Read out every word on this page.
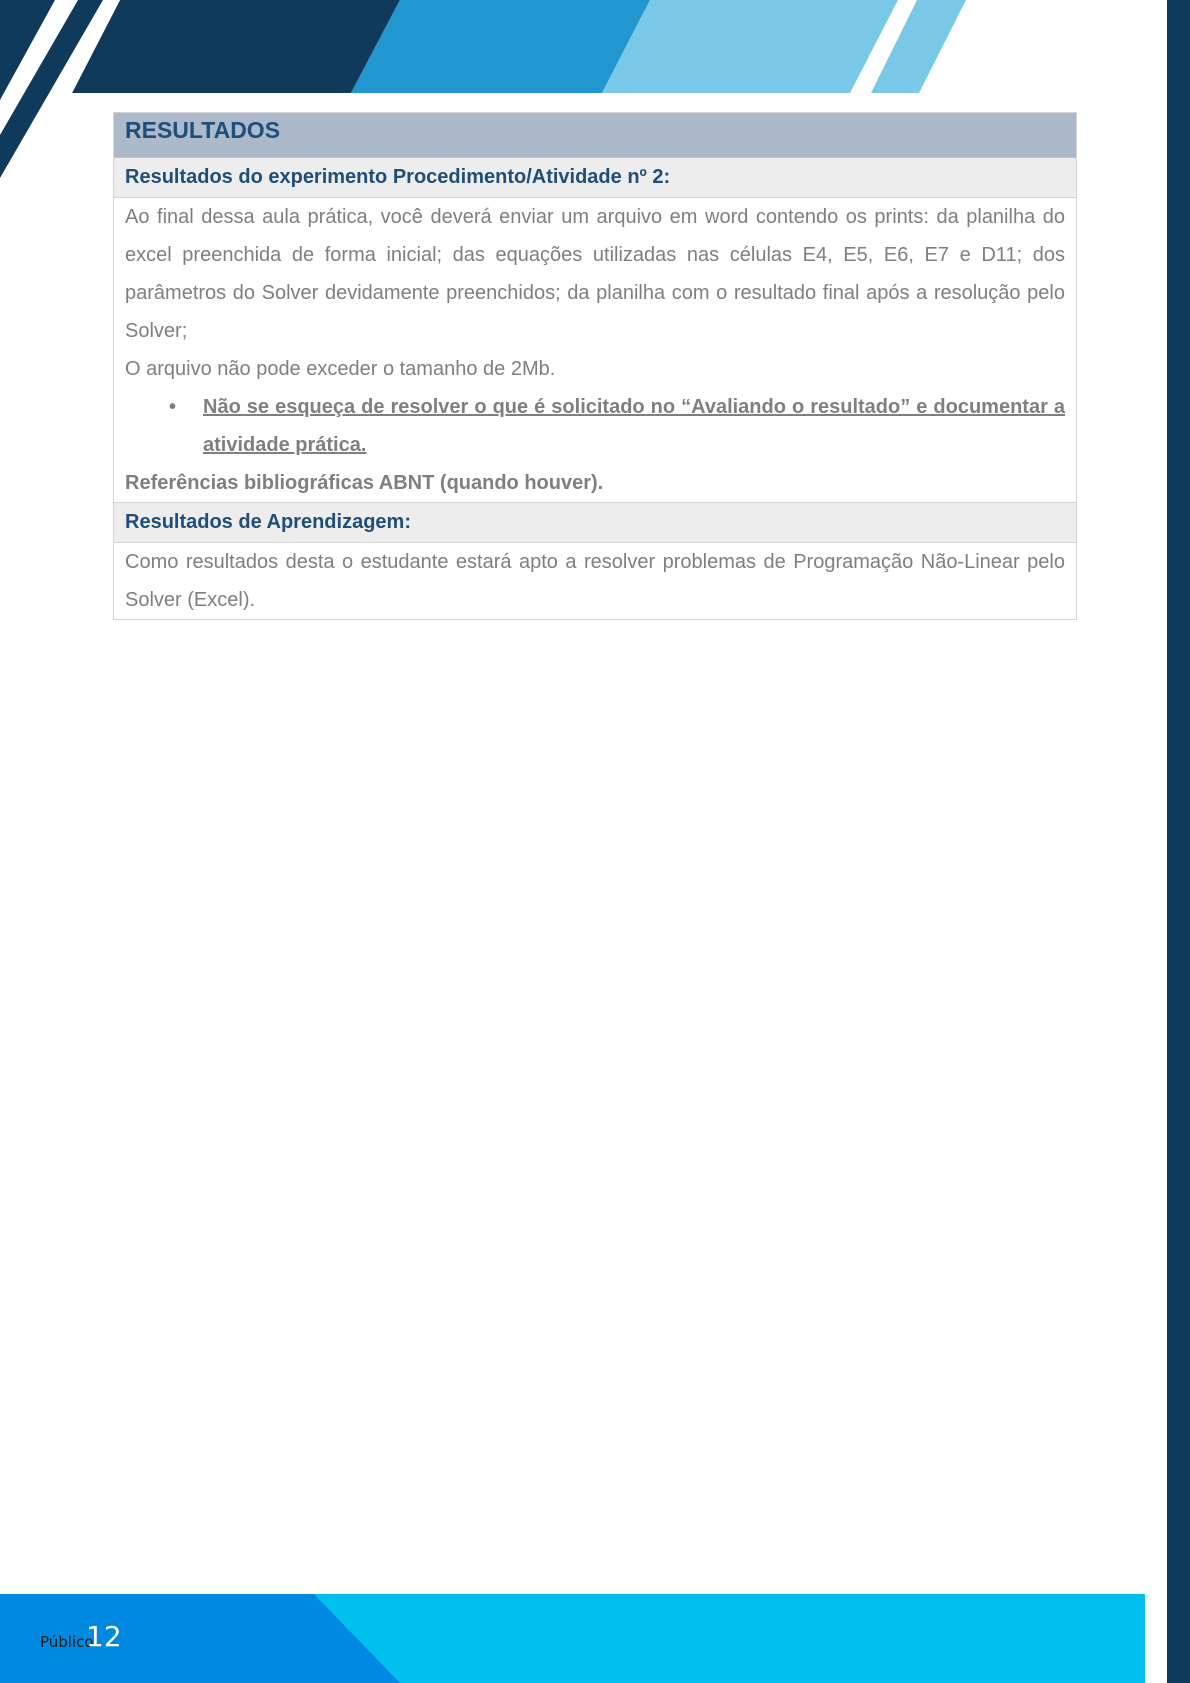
RESULTADOS
Resultados do experimento Procedimento/Atividade nº 2:

Ao final dessa aula prática, você deverá enviar um arquivo em word contendo os prints: da planilha do excel preenchida de forma inicial; das equações utilizadas nas células E4, E5, E6, E7 e D11; dos parâmetros do Solver devidamente preenchidos; da planilha com o resultado final após a resolução pelo Solver;

O arquivo não pode exceder o tamanho de 2Mb.

• Não se esqueça de resolver o que é solicitado no “Avaliando o resultado” e documentar a atividade prática.

Referências bibliográficas ABNT (quando houver).

Resultados de Aprendizagem:

Como resultados desta o estudante estará apto a resolver problemas de Programação Não-Linear pelo Solver (Excel).

Público
12
